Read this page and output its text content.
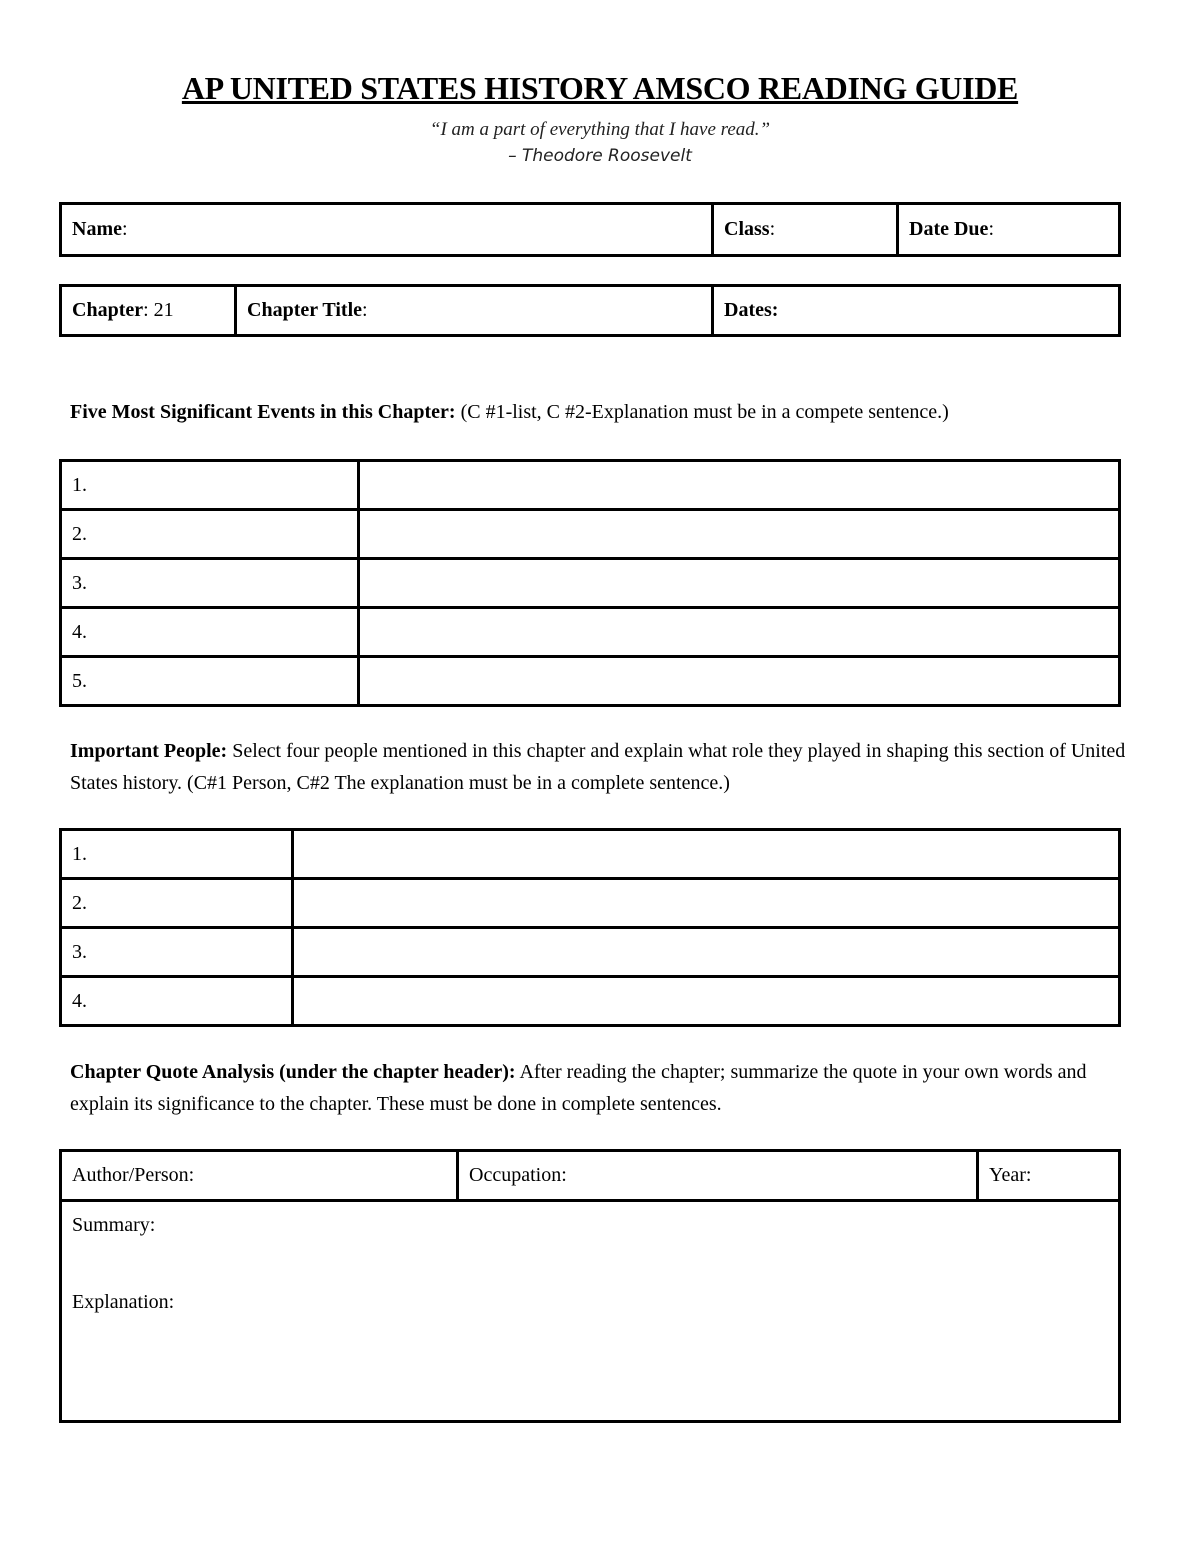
AP UNITED STATES HISTORY AMSCO READING GUIDE
“I am a part of everything that I have read.”
– Theodore Roosevelt
Name:	Class:	Date Due:
Chapter: 21	Chapter Title:	Dates:
Five Most Significant Events in this Chapter: (C #1-list, C #2-Explanation must be in a compete sentence.)
1.	
2.	
3.	
4.	
5.	
Important People: Select four people mentioned in this chapter and explain what role they played in shaping this section of United States history. (C#1 Person, C#2 The explanation must be in a complete sentence.)
1.	
2.	
3.	
4.	
Chapter Quote Analysis (under the chapter header): After reading the chapter; summarize the quote in your own words and explain its significance to the chapter. These must be done in complete sentences.
Author/Person:	Occupation:	Year:

Summary:
Explanation:
